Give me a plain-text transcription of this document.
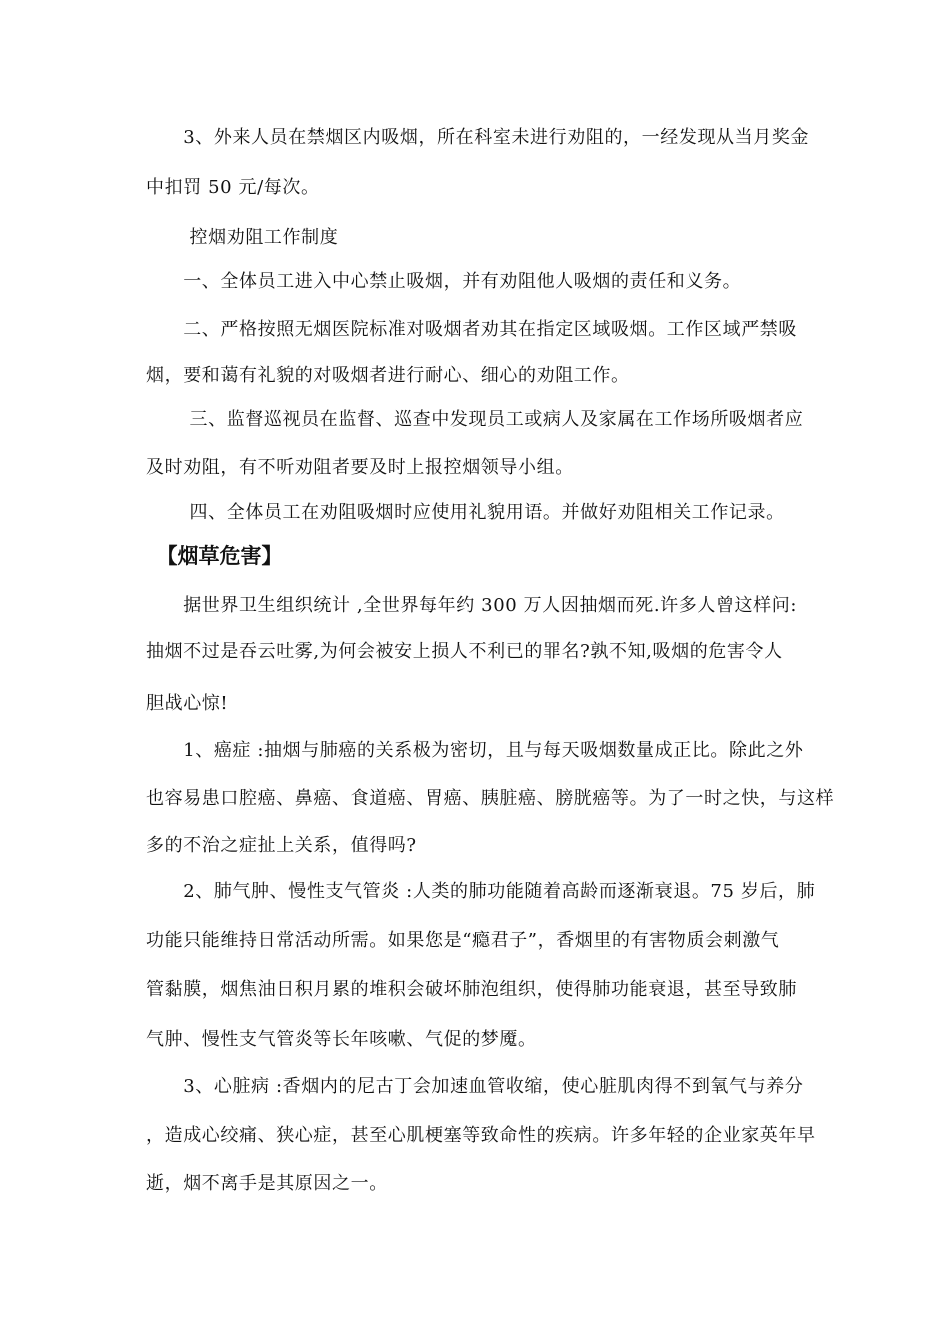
　　3、外来人员在禁烟区内吸烟，所在科室未进行劝阻的，一经发现从当月奖金
中扣罚 50 元/每次。
　　 控烟劝阻工作制度
　　一、全体员工进入中心禁止吸烟，并有劝阻他人吸烟的责任和义务。
　　二、严格按照无烟医院标准对吸烟者劝其在指定区域吸烟。工作区域严禁吸
烟，要和蔼有礼貌的对吸烟者进行耐心、细心的劝阻工作。
　　 三、监督巡视员在监督、巡查中发现员工或病人及家属在工作场所吸烟者应
及时劝阻，有不听劝阻者要及时上报控烟领导小组。
　　 四、全体员工在劝阻吸烟时应使用礼貌用语。并做好劝阻相关工作记录。
　【烟草危害】
　　据世界卫生组织统计 ,全世界每年约 300 万人因抽烟而死.许多人曾这样问:
抽烟不过是吞云吐雾,为何会被安上损人不利已的罪名?孰不知,吸烟的危害令人
胆战心惊!
　　1、癌症 :抽烟与肺癌的关系极为密切，且与每天吸烟数量成正比。除此之外
也容易患口腔癌、鼻癌、食道癌、胃癌、胰脏癌、膀胱癌等。为了一时之快，与这样
多的不治之症扯上关系，值得吗?
　　2、肺气肿、慢性支气管炎 :人类的肺功能随着高龄而逐渐衰退。75 岁后，肺
功能只能维持日常活动所需。如果您是“瘾君子”，香烟里的有害物质会刺激气
管黏膜，烟焦油日积月累的堆积会破坏肺泡组织，使得肺功能衰退，甚至导致肺
气肿、慢性支气管炎等长年咳嗽、气促的梦魇。
　　3、心脏病 :香烟内的尼古丁会加速血管收缩，使心脏肌肉得不到氧气与养分
，造成心绞痛、狭心症，甚至心肌梗塞等致命性的疾病。许多年轻的企业家英年早
逝，烟不离手是其原因之一。
